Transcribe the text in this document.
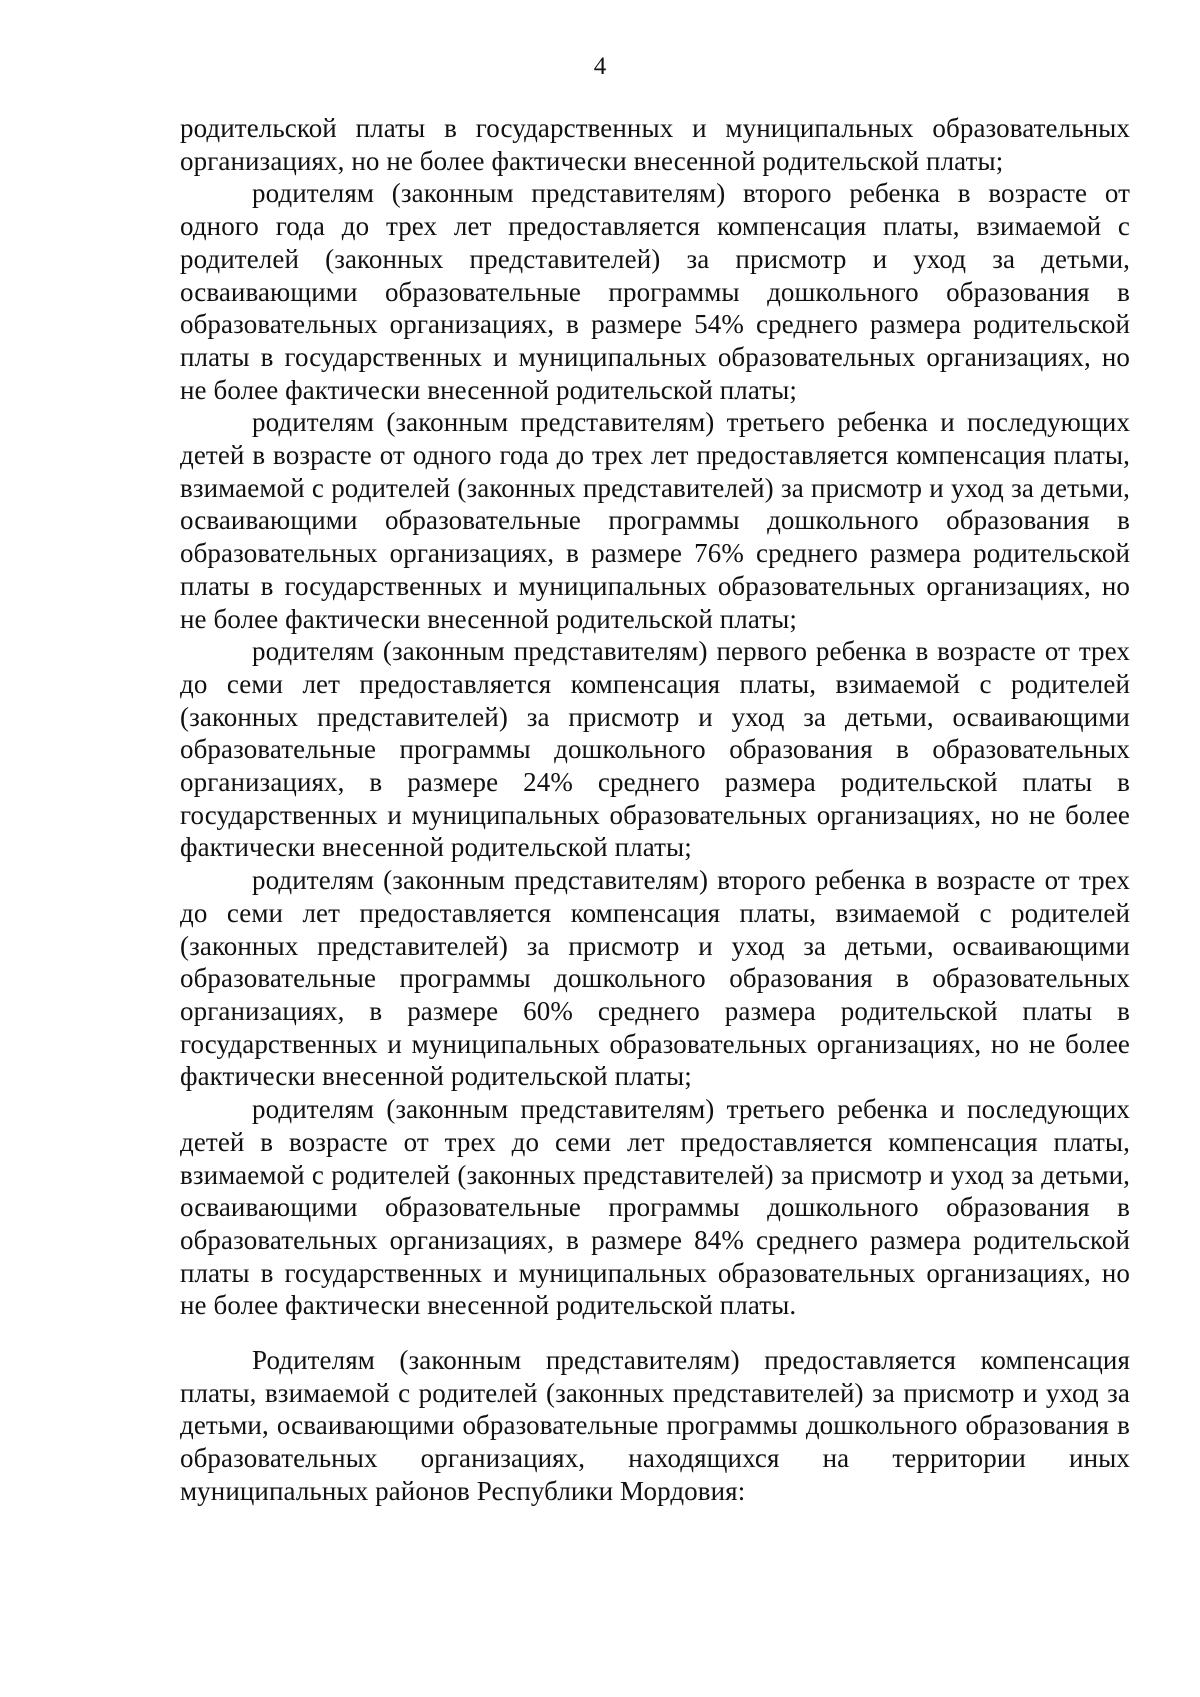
4

родительской платы в государственных и муниципальных образовательных организациях, но не более фактически внесенной родительской платы;

родителям (законным представителям) второго ребенка в возрасте от одного года до трех лет предоставляется компенсация платы, взимаемой с родителей (законных представителей) за присмотр и уход за детьми, осваивающими образовательные программы дошкольного образования в образовательных организациях, в размере 54% среднего размера родительской платы в государственных и муниципальных образовательных организациях, но не более фактически внесенной родительской платы;

родителям (законным представителям) третьего ребенка и последующих детей в возрасте от одного года до трех лет предоставляется компенсация платы, взимаемой с родителей (законных представителей) за присмотр и уход за детьми, осваивающими образовательные программы дошкольного образования в образовательных организациях, в размере 76% среднего размера родительской платы в государственных и муниципальных образовательных организациях, но не более фактически внесенной родительской платы;

родителям (законным представителям) первого ребенка в возрасте от трех до семи лет предоставляется компенсация платы, взимаемой с родителей (законных представителей) за присмотр и уход за детьми, осваивающими образовательные программы дошкольного образования в образовательных организациях, в размере 24% среднего размера родительской платы в государственных и муниципальных образовательных организациях, но не более фактически внесенной родительской платы;

родителям (законным представителям) второго ребенка в возрасте от трех до семи лет предоставляется компенсация платы, взимаемой с родителей (законных представителей) за присмотр и уход за детьми, осваивающими образовательные программы дошкольного образования в образовательных организациях, в размере 60% среднего размера родительской платы в государственных и муниципальных образовательных организациях, но не более фактически внесенной родительской платы;

родителям (законным представителям) третьего ребенка и последующих детей в возрасте от трех до семи лет предоставляется компенсация платы, взимаемой с родителей (законных представителей) за присмотр и уход за детьми, осваивающими образовательные программы дошкольного образования в образовательных организациях, в размере 84% среднего размера родительской платы в государственных и муниципальных образовательных организациях, но не более фактически внесенной родительской платы.

Родителям (законным представителям) предоставляется компенсация платы, взимаемой с родителей (законных представителей) за присмотр и уход за детьми, осваивающими образовательные программы дошкольного образования в образовательных организациях, находящихся на территории иных муниципальных районов Республики Мордовия:
